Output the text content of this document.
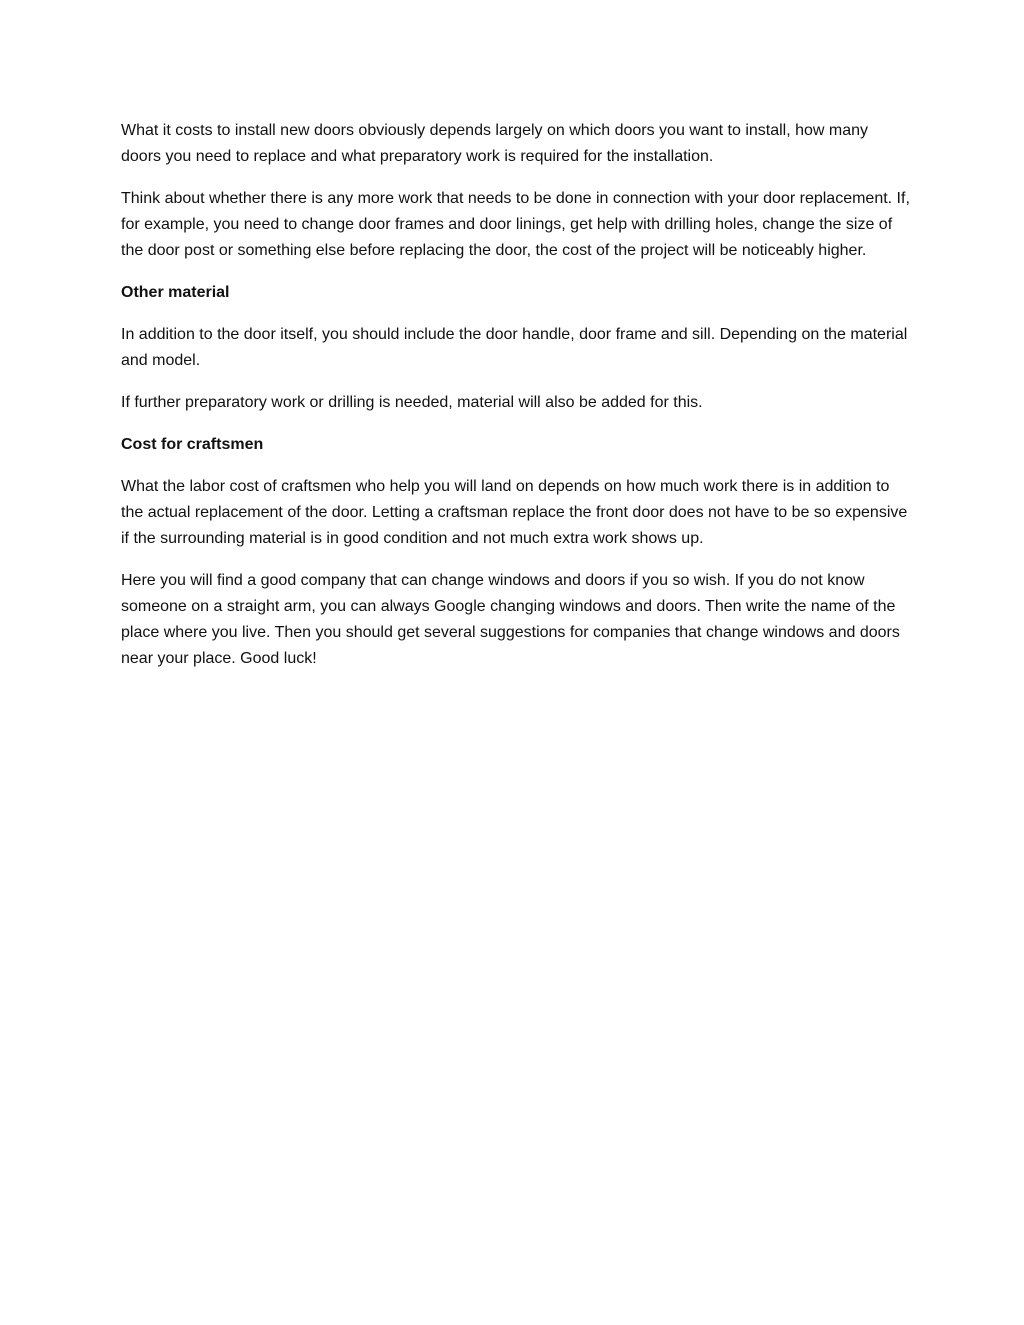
What it costs to install new doors obviously depends largely on which doors you want to install, how many doors you need to replace and what preparatory work is required for the installation.

Think about whether there is any more work that needs to be done in connection with your door replacement. If, for example, you need to change door frames and door linings, get help with drilling holes, change the size of the door post or something else before replacing the door, the cost of the project will be noticeably higher.

Other material

In addition to the door itself, you should include the door handle, door frame and sill. Depending on the material and model.

If further preparatory work or drilling is needed, material will also be added for this.

Cost for craftsmen

What the labor cost of craftsmen who help you will land on depends on how much work there is in addition to the actual replacement of the door. Letting a craftsman replace the front door does not have to be so expensive if the surrounding material is in good condition and not much extra work shows up.

Here you will find a good company that can change windows and doors if you so wish. If you do not know someone on a straight arm, you can always Google changing windows and doors. Then write the name of the place where you live. Then you should get several suggestions for companies that change windows and doors near your place. Good luck!
